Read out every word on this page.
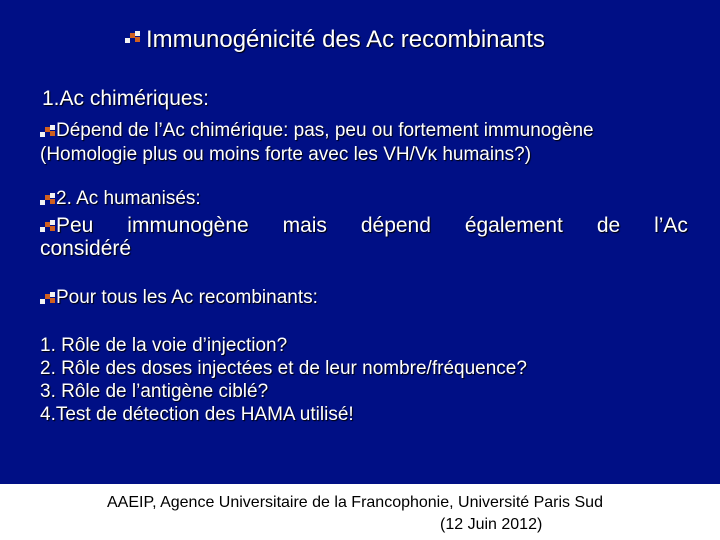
Immunogénicité des Ac recombinants

1.Ac chimériques:

Dépend de l’Ac chimérique: pas, peu ou fortement immunogène

(Homologie plus ou moins forte avec les VH/Vκ humains?)

2. Ac humanisés:

Peu immunogène mais dépend également de l’Ac

considéré

Pour tous les Ac recombinants:

1. Rôle de la voie d’injection?

2. Rôle des doses injectées et de leur nombre/fréquence?

3. Rôle de l’antigène ciblé?

4.Test de détection des HAMA utilisé!

AAEIP, Agence Universitaire de la Francophonie, Université Paris Sud

(12 Juin 2012)
